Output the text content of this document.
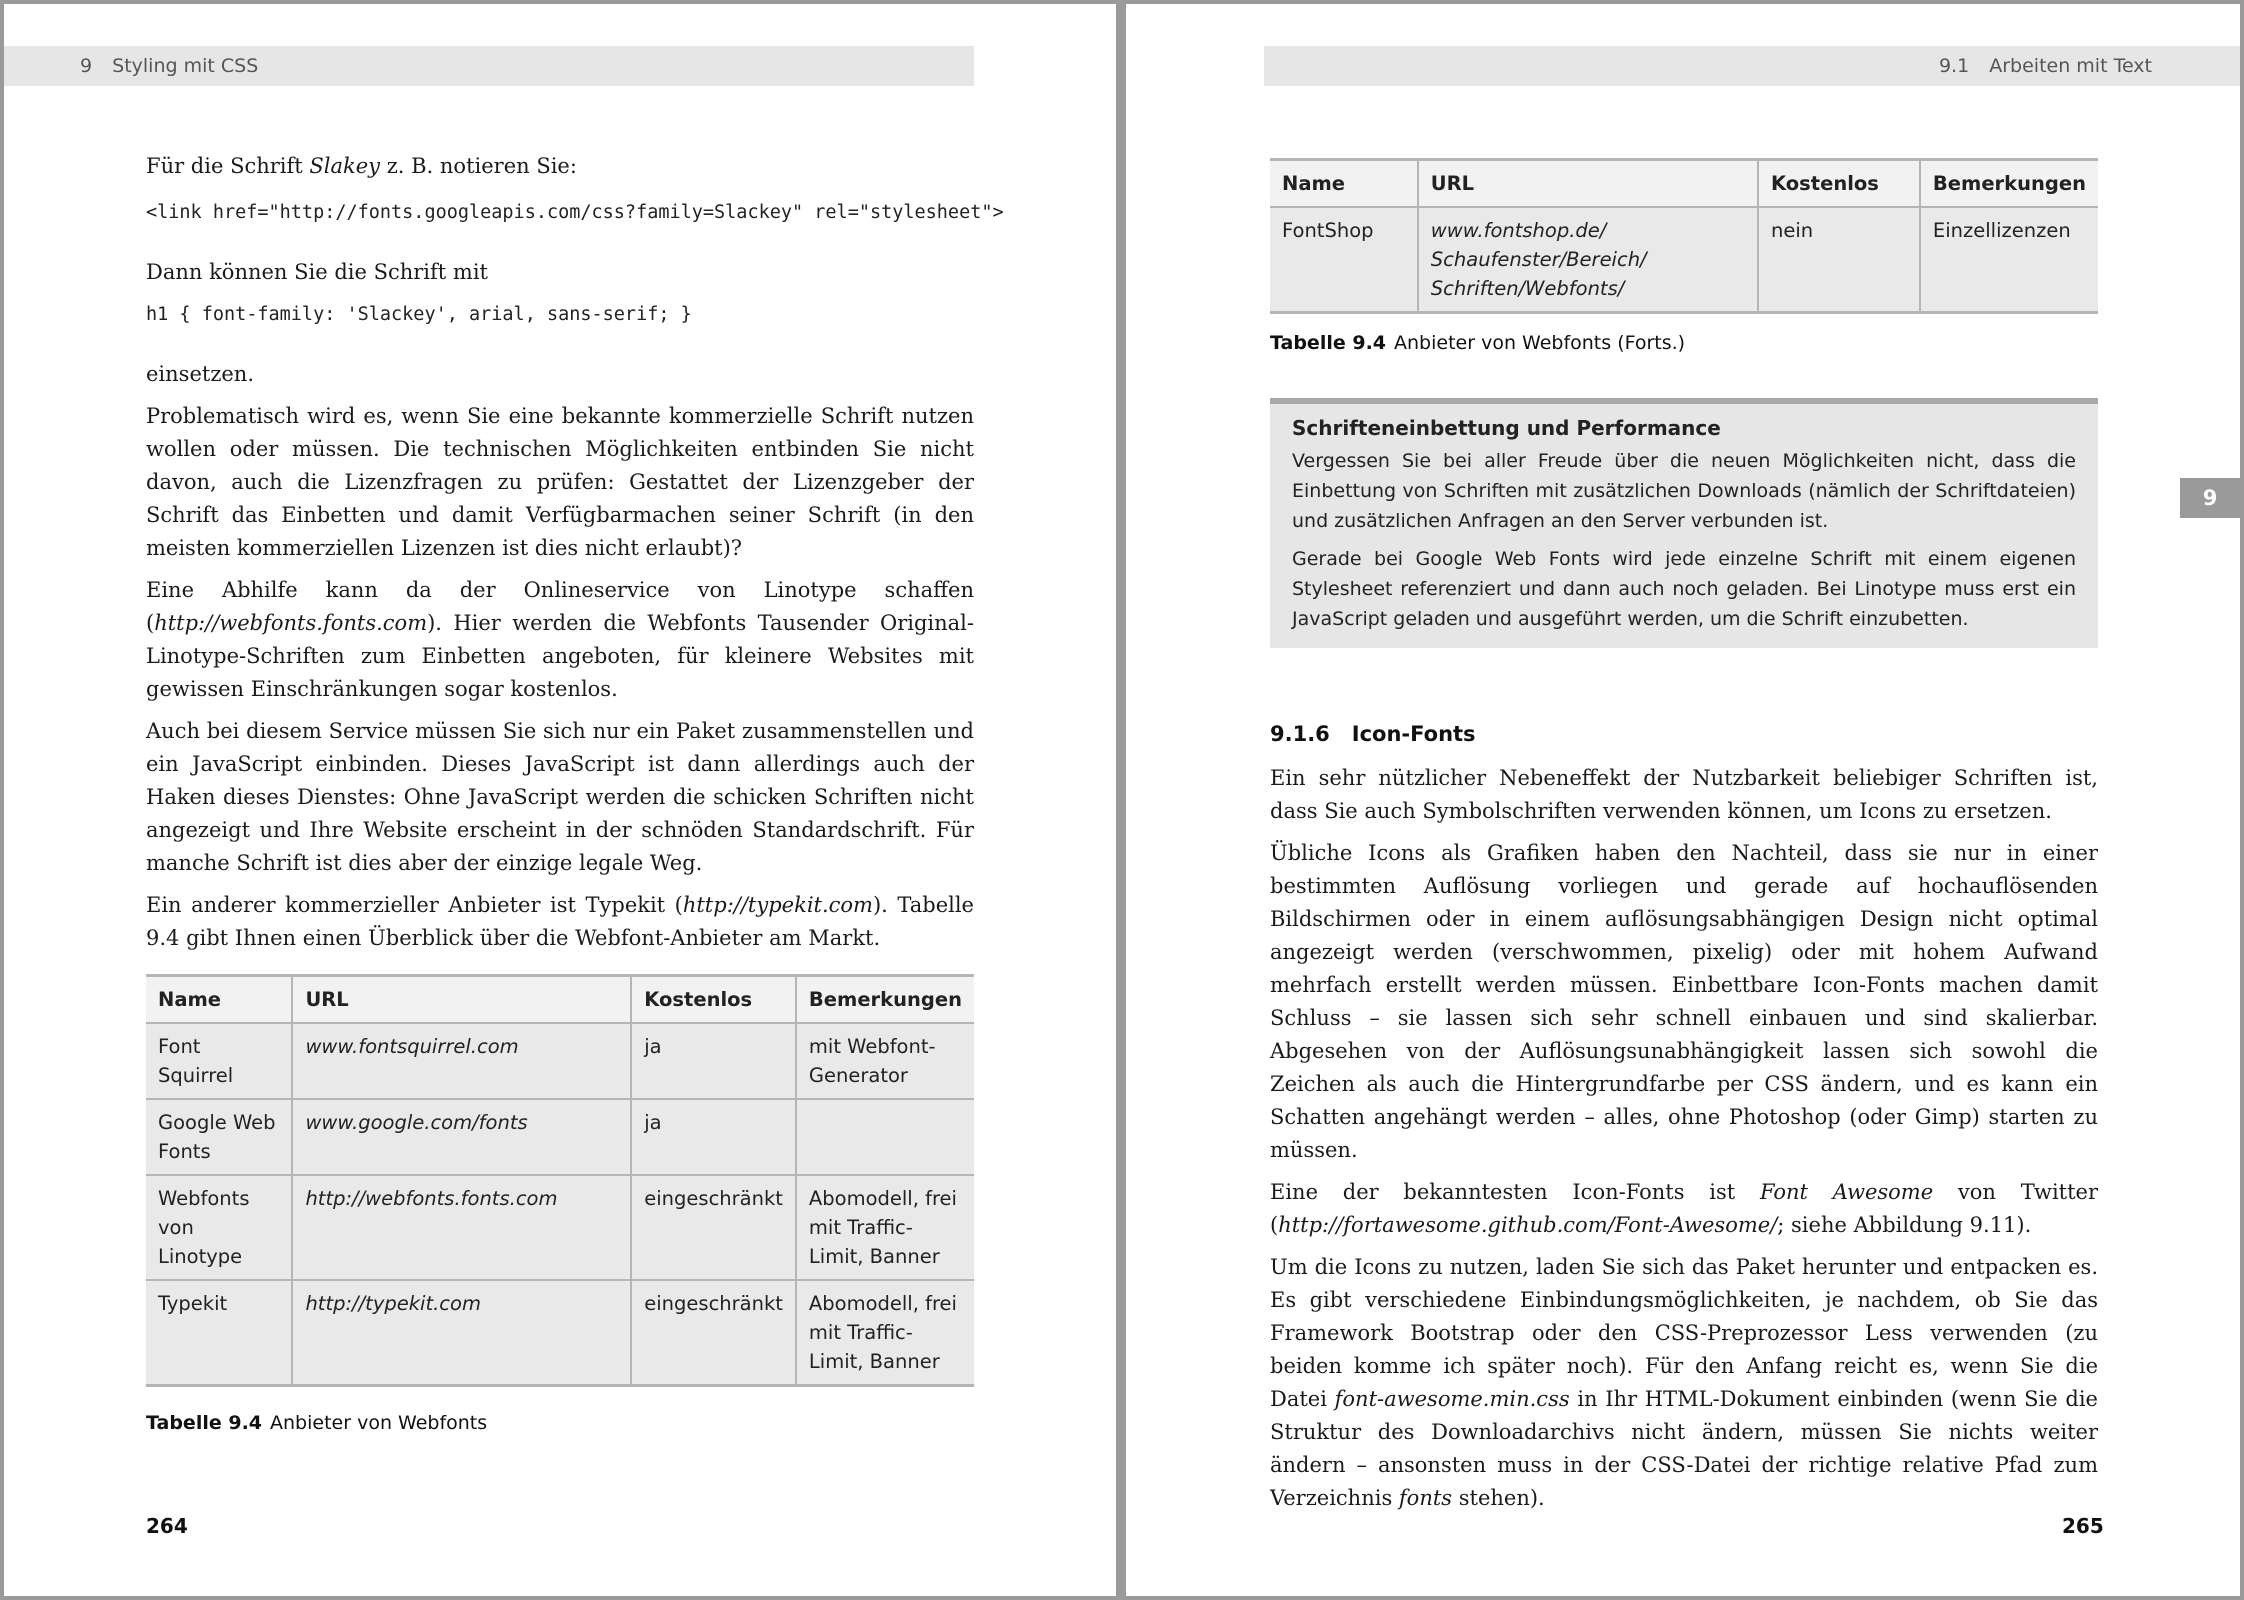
9 Styling mit CSS

Für die Schrift Slakey z. B. notieren Sie:

<link href="http://fonts.googleapis.com/css?family=Slackey" rel="stylesheet">

Dann können Sie die Schrift mit

h1 { font-family: 'Slackey', arial, sans-serif; }

einsetzen.

Problematisch wird es, wenn Sie eine bekannte kommerzielle Schrift nutzen wollen oder müssen. Die technischen Möglichkeiten entbinden Sie nicht davon, auch die Lizenzfragen zu prüfen: Gestattet der Lizenzgeber der Schrift das Einbetten und damit Verfügbarmachen seiner Schrift (in den meisten kommerziellen Lizenzen ist dies nicht erlaubt)?

Eine Abhilfe kann da der Onlineservice von Linotype schaffen (http://webfonts.fonts.com). Hier werden die Webfonts Tausender Original-Linotype-Schriften zum Einbetten angeboten, für kleinere Websites mit gewissen Einschränkungen sogar kostenlos.

Auch bei diesem Service müssen Sie sich nur ein Paket zusammenstellen und ein JavaScript einbinden. Dieses JavaScript ist dann allerdings auch der Haken dieses Dienstes: Ohne JavaScript werden die schicken Schriften nicht angezeigt und Ihre Website erscheint in der schnöden Standardschrift. Für manche Schrift ist dies aber der einzige legale Weg.

Ein anderer kommerzieller Anbieter ist Typekit (http://typekit.com). Tabelle 9.4 gibt Ihnen einen Überblick über die Webfont-Anbieter am Markt.

Name	URL	Kostenlos	Bemerkungen
Font Squirrel	www.fontsquirrel.com	ja	mit Webfont-Generator
Google Web Fonts	www.google.com/fonts	ja	
Webfonts von Linotype	http://webfonts.fonts.com	eingeschränkt	Abomodell, frei mit Traffic-Limit, Banner
Typekit	http://typekit.com	eingeschränkt	Abomodell, frei mit Traffic-Limit, Banner
Tabelle 9.4 Anbieter von Webfonts
264
9.1 Arbeiten mit Text
Name	URL	Kostenlos	Bemerkungen
FontShop	www.fontshop.de/ Schaufenster/Bereich/ Schriften/Webfonts/	nein	Einzellizenzen
Tabelle 9.4 Anbieter von Webfonts (Forts.)
Schrifteneinbettung und Performance

Vergessen Sie bei aller Freude über die neuen Möglichkeiten nicht, dass die Einbettung von Schriften mit zusätzlichen Downloads (nämlich der Schriftdateien) und zusätzlichen Anfragen an den Server verbunden ist.

Gerade bei Google Web Fonts wird jede einzelne Schrift mit einem eigenen Stylesheet referenziert und dann auch noch geladen. Bei Linotype muss erst ein JavaScript geladen und ausgeführt werden, um die Schrift einzubetten.

9.1.6 Icon-Fonts

Ein sehr nützlicher Nebeneffekt der Nutzbarkeit beliebiger Schriften ist, dass Sie auch Symbolschriften verwenden können, um Icons zu ersetzen.

Übliche Icons als Grafiken haben den Nachteil, dass sie nur in einer bestimmten Auflösung vorliegen und gerade auf hochauflösenden Bildschirmen oder in einem auflösungsabhängigen Design nicht optimal angezeigt werden (verschwommen, pixelig) oder mit hohem Aufwand mehrfach erstellt werden müssen. Einbettbare Icon-Fonts machen damit Schluss – sie lassen sich sehr schnell einbauen und sind skalierbar. Abgesehen von der Auflösungsunabhängigkeit lassen sich sowohl die Zeichen als auch die Hintergrundfarbe per CSS ändern, und es kann ein Schatten angehängt werden – alles, ohne Photoshop (oder Gimp) starten zu müssen.

Eine der bekanntesten Icon-Fonts ist Font Awesome von Twitter (http://fortawesome.github.com/Font-Awesome/; siehe Abbildung 9.11).

Um die Icons zu nutzen, laden Sie sich das Paket herunter und entpacken es. Es gibt verschiedene Einbindungsmöglichkeiten, je nachdem, ob Sie das Framework Bootstrap oder den CSS-Preprozessor Less verwenden (zu beiden komme ich später noch). Für den Anfang reicht es, wenn Sie die Datei font-awesome.min.css in Ihr HTML-Dokument einbinden (wenn Sie die Struktur des Downloadarchivs nicht ändern, müssen Sie nichts weiter ändern – ansonsten muss in der CSS-Datei der richtige relative Pfad zum Verzeichnis fonts stehen).

9
265
